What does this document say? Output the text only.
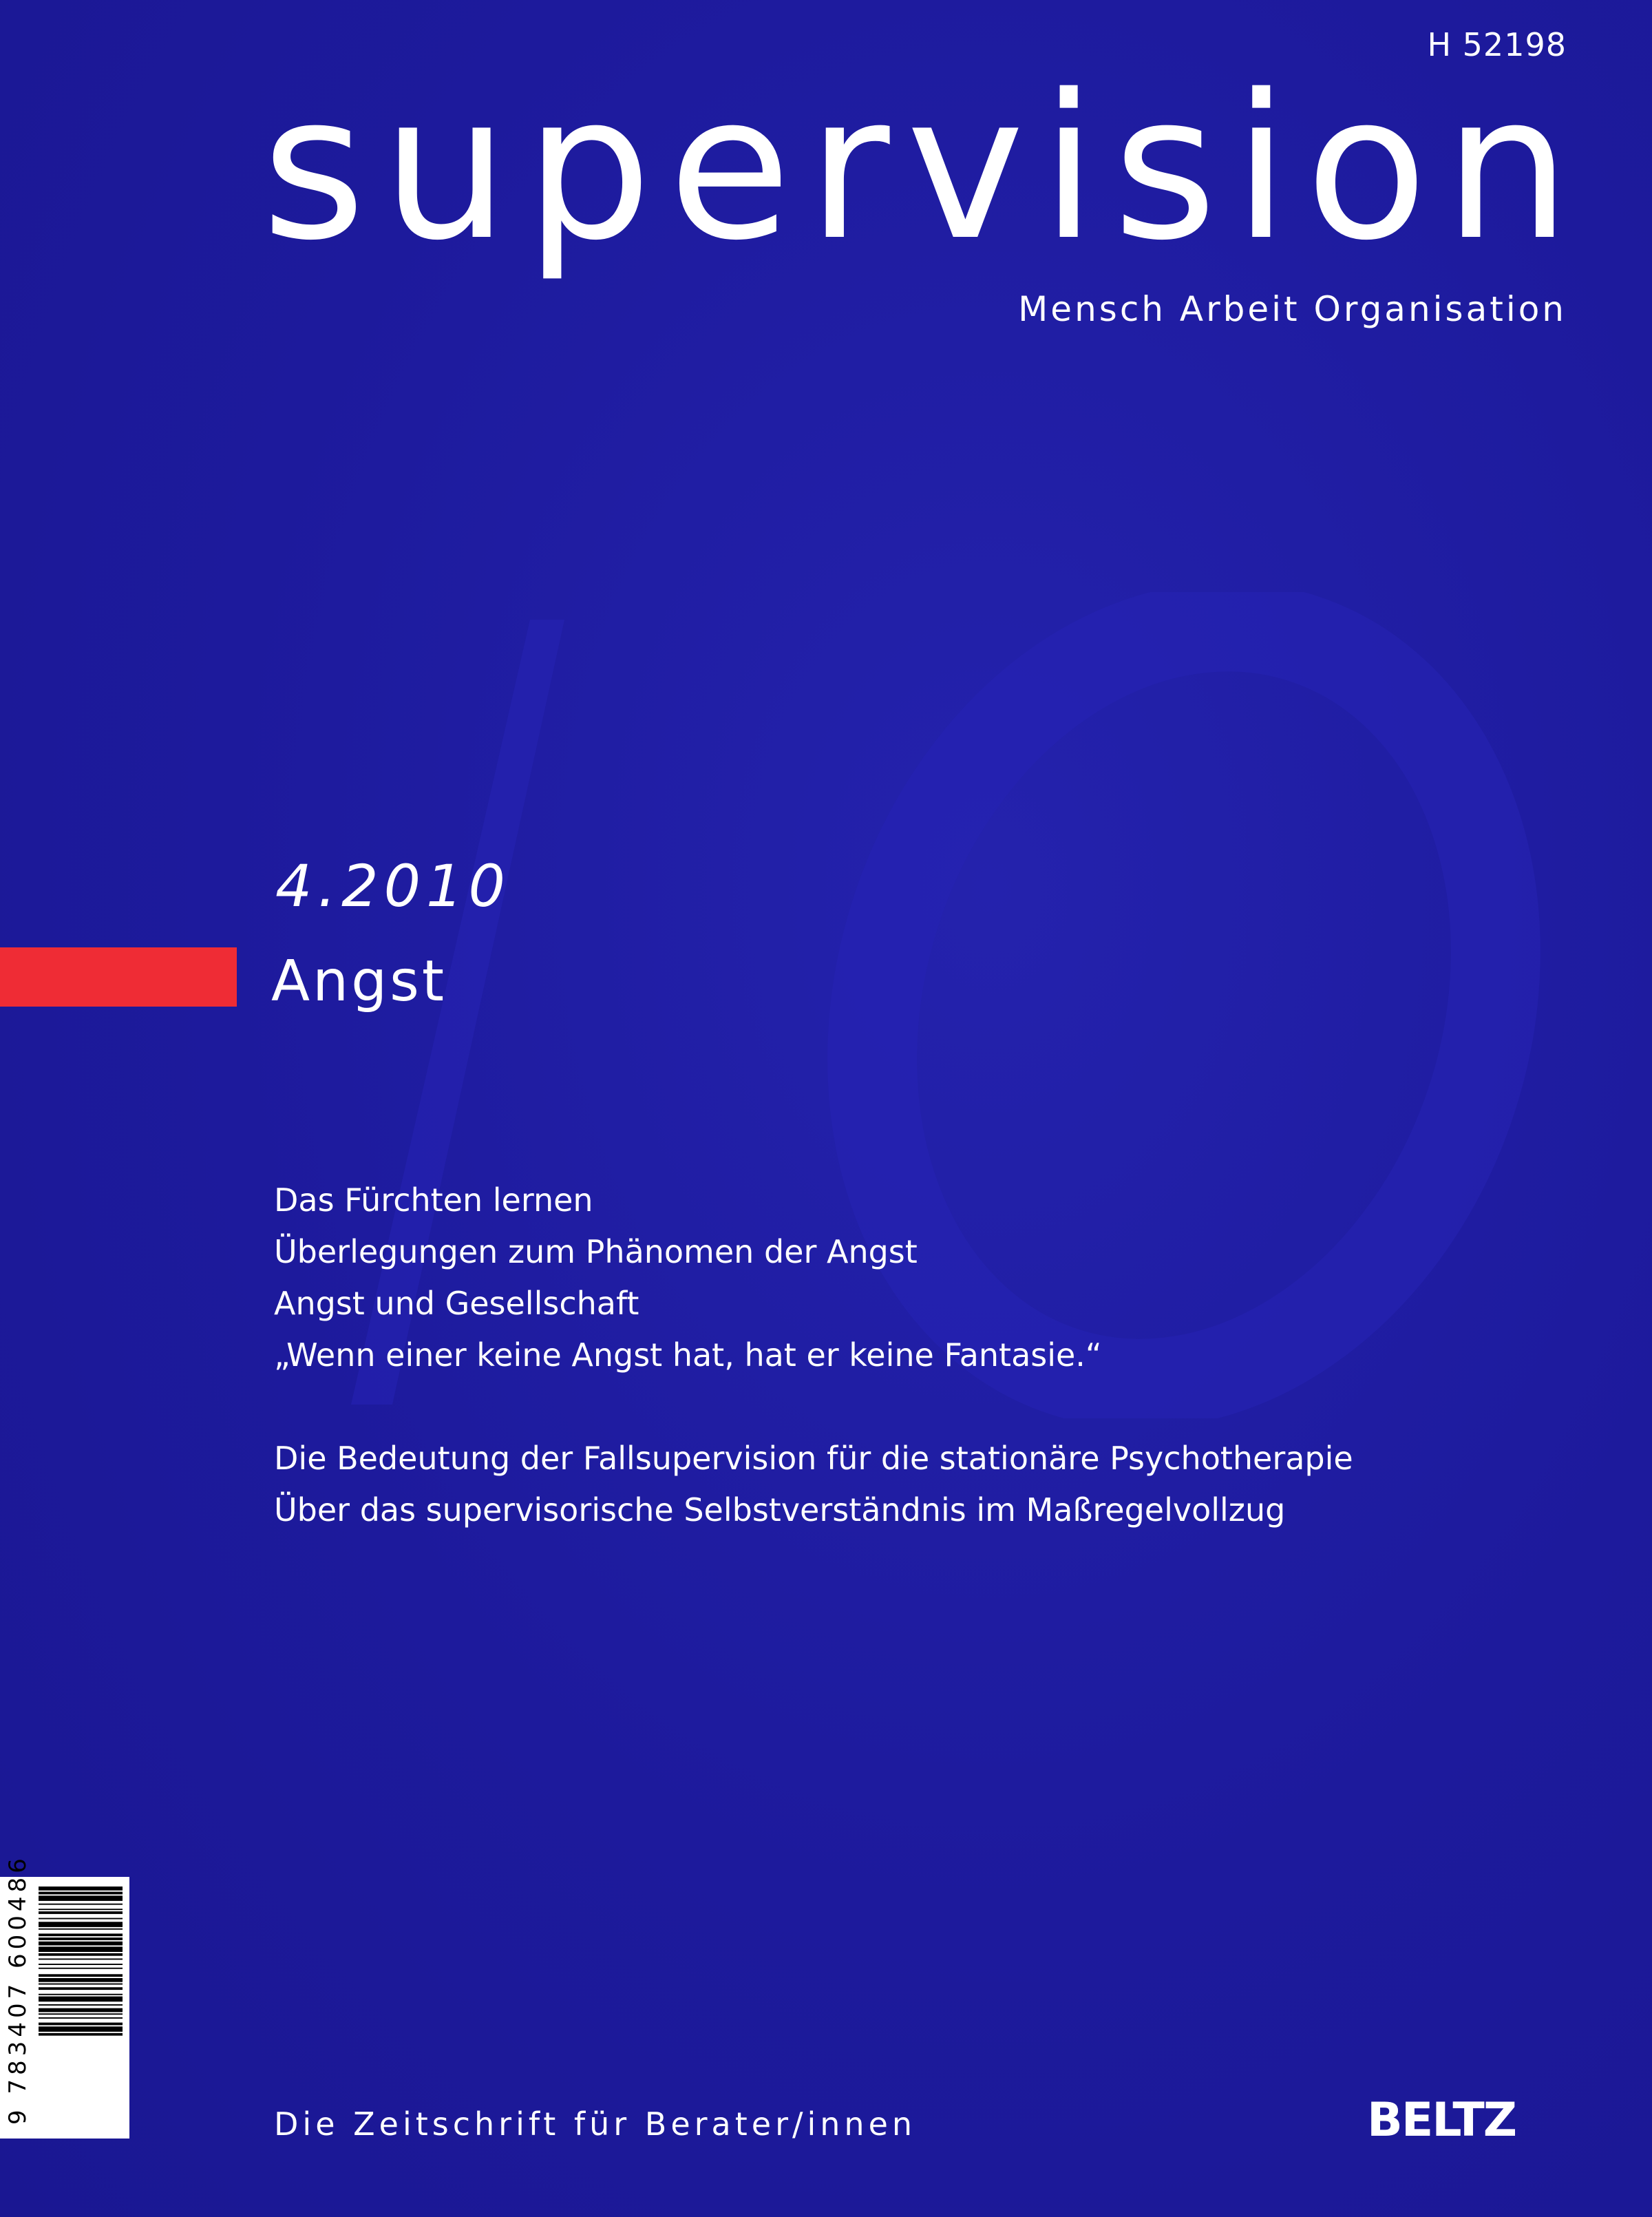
H 52198
supervision
Mensch Arbeit Organisation
4.2010
Angst
Das Fürchten lernen
Überlegungen zum Phänomen der Angst
Angst und Gesellschaft
„Wenn einer keine Angst hat, hat er keine Fantasie.“
Die Bedeutung der Fallsupervision für die stationäre Psychotherapie
Über das supervisorische Selbstverständnis im Maßregelvollzug
9 783407 600486	Die Zeitschrift für Berater/innen	BELTZ
